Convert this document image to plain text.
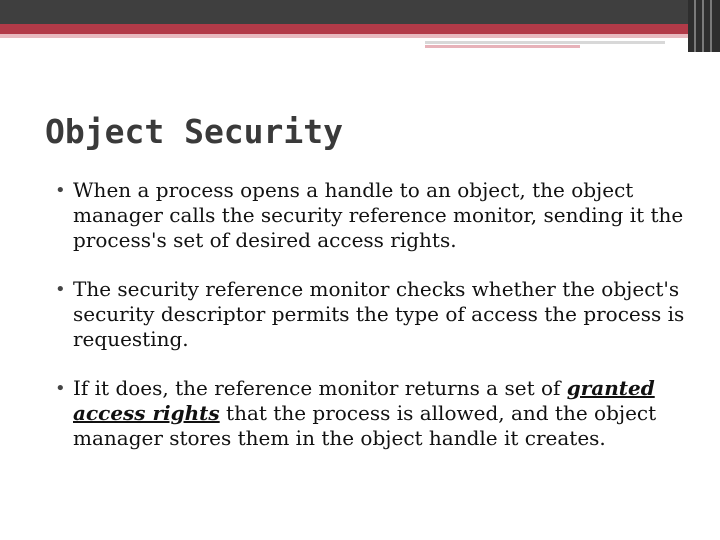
Object Security
• When a process opens a handle to an object, the object manager calls the security reference monitor, sending it the process's set of desired access rights.
• The security reference monitor checks whether the object's security descriptor permits the type of access the process is requesting.
• If it does, the reference monitor returns a set of granted access rights that the process is allowed, and the object manager stores them in the object handle it creates.
